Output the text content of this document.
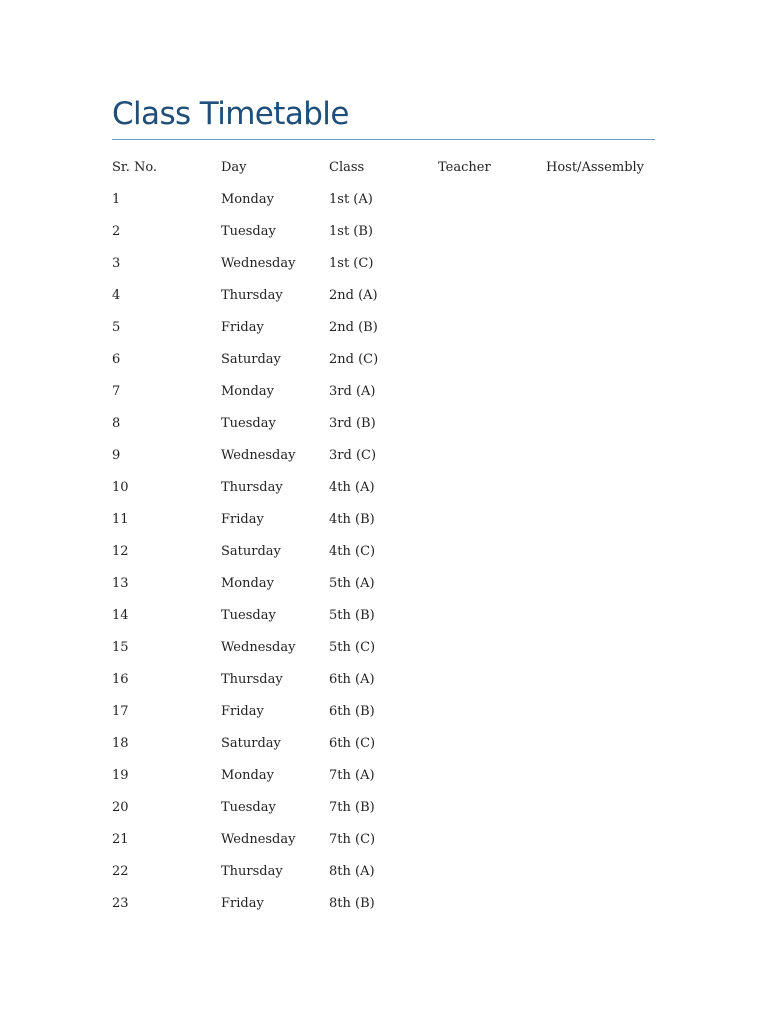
Class Timetable
Sr. No.	Day	Class	Teacher	Host/Assembly
1	Monday	1st (A)		
2	Tuesday	1st (B)		
3	Wednesday	1st (C)		
4	Thursday	2nd (A)		
5	Friday	2nd (B)		
6	Saturday	2nd (C)		
7	Monday	3rd (A)		
8	Tuesday	3rd (B)		
9	Wednesday	3rd (C)		
10	Thursday	4th (A)		
11	Friday	4th (B)		
12	Saturday	4th (C)		
13	Monday	5th (A)		
14	Tuesday	5th (B)		
15	Wednesday	5th (C)		
16	Thursday	6th (A)		
17	Friday	6th (B)		
18	Saturday	6th (C)		
19	Monday	7th (A)		
20	Tuesday	7th (B)		
21	Wednesday	7th (C)		
22	Thursday	8th (A)		
23	Friday	8th (B)		
